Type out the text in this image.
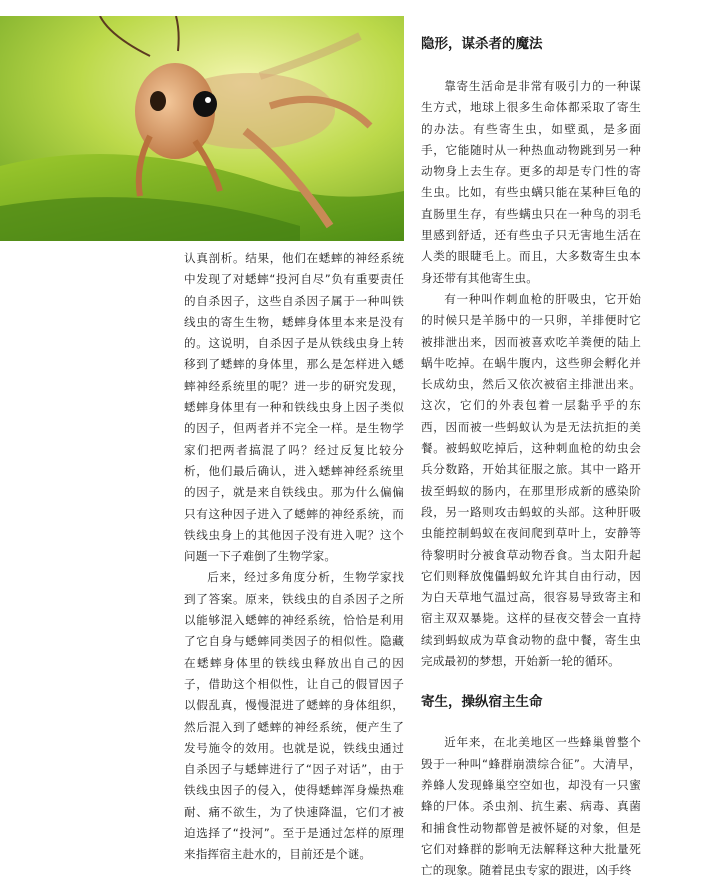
认真剖析。结果，他们在蟋蟀的神经系统中发现了对蟋蟀“投河自尽”负有重要责任的自杀因子，这些自杀因子属于一种叫铁线虫的寄生生物，蟋蟀身体里本来是没有的。这说明，自杀因子是从铁线虫身上转移到了蟋蟀的身体里，那么是怎样进入蟋蟀神经系统里的呢？进一步的研究发现，蟋蟀身体里有一种和铁线虫身上因子类似的因子，但两者并不完全一样。是生物学家们把两者搞混了吗？经过反复比较分析，他们最后确认，进入蟋蟀神经系统里的因子，就是来自铁线虫。那为什么偏偏只有这种因子进入了蟋蟀的神经系统，而铁线虫身上的其他因子没有进入呢？这个问题一下子难倒了生物学家。

后来，经过多角度分析，生物学家找到了答案。原来，铁线虫的自杀因子之所以能够混入蟋蟀的神经系统，恰恰是利用了它自身与蟋蟀同类因子的相似性。隐藏在蟋蟀身体里的铁线虫释放出自己的因子，借助这个相似性，让自己的假冒因子以假乱真，慢慢混进了蟋蟀的身体组织，然后混入到了蟋蟀的神经系统，便产生了发号施令的效用。也就是说，铁线虫通过自杀因子与蟋蟀进行了“因子对话”，由于铁线虫因子的侵入，使得蟋蟀浑身燥热难耐、痛不欲生，为了快速降温，它们才被迫选择了“投河”。至于是通过怎样的原理来指挥宿主赴水的，目前还是个谜。

隐形，谋杀者的魔法

靠寄生活命是非常有吸引力的一种谋生方式，地球上很多生命体都采取了寄生的办法。有些寄生虫，如壁虱，是多面手，它能随时从一种热血动物跳到另一种动物身上去生存。更多的却是专门性的寄生虫。比如，有些虫螨只能在某种巨龟的直肠里生存，有些螨虫只在一种鸟的羽毛里感到舒适，还有些虫子只无害地生活在人类的眼睫毛上。而且，大多数寄生虫本身还带有其他寄生虫。

有一种叫作刺血枪的肝吸虫，它开始的时候只是羊肠中的一只卵，羊排便时它被排泄出来，因而被喜欢吃羊粪便的陆上蜗牛吃掉。在蜗牛腹内，这些卵会孵化并长成幼虫，然后又依次被宿主排泄出来。这次，它们的外表包着一层黏乎乎的东西，因而被一些蚂蚁认为是无法抗拒的美餐。被蚂蚁吃掉后，这种刺血枪的幼虫会兵分数路，开始其征服之旅。其中一路开拔至蚂蚁的肠内，在那里形成新的感染阶段，另一路则攻击蚂蚁的头部。这种肝吸虫能控制蚂蚁在夜间爬到草叶上，安静等待黎明时分被食草动物吞食。当太阳升起它们则释放傀儡蚂蚁允许其自由行动，因为白天草地气温过高，很容易导致寄主和宿主双双暴毙。这样的昼夜交替会一直持续到蚂蚁成为草食动物的盘中餐，寄生虫完成最初的梦想，开始新一轮的循环。

寄生，操纵宿主生命

近年来，在北美地区一些蜂巢曾整个毁于一种叫“蜂群崩溃综合征”。大清早，养蜂人发现蜂巢空空如也，却没有一只蜜蜂的尸体。杀虫剂、抗生素、病毒、真菌和捕食性动物都曾是被怀疑的对象，但是它们对蜂群的影响无法解释这种大批量死亡的现象。随着昆虫专家的跟进，凶手终
